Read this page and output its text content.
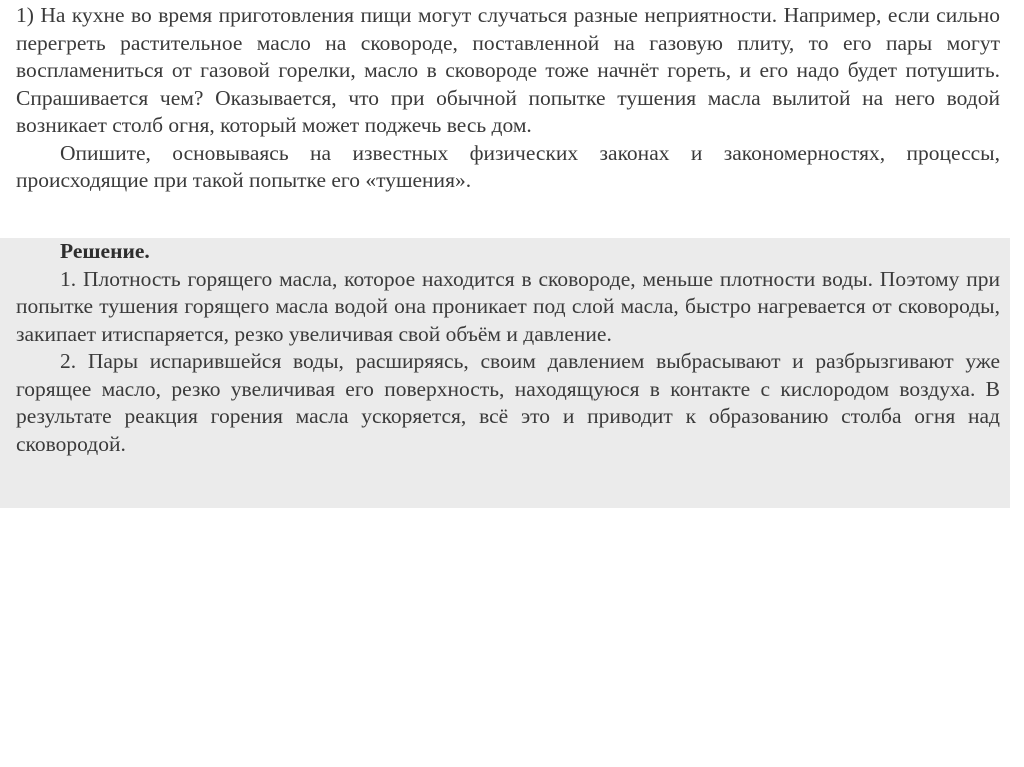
1) На кухне во время приготовления пищи могут случаться разные неприятности. Например, если сильно перегреть растительное масло на сковороде, поставленной на газовую плиту, то его пары могут воспламениться от газовой горелки, масло в сковороде тоже начнёт гореть, и его надо будет потушить. Спрашивается чем? Оказывается, что при обычной попытке тушения масла вылитой на него водой возникает столб огня, который может поджечь весь дом.

Опишите, основываясь на известных физических законах и закономерностях, процессы, происходящие при такой попытке его «тушения».

Решение.

1. Плотность горящего масла, которое находится в сковороде, меньше плотности воды. Поэтому при попытке тушения горящего масла водой она проникает под слой масла, быстро нагревается от сковороды, закипает итиспаряется, резко увеличивая свой объём и давление.

2. Пары испарившейся воды, расширяясь, своим давлением выбрасывают и разбрызгивают уже горящее масло, резко увеличивая его поверхность, находящуюся в контакте с кислородом воздуха. В результате реакция горения масла ускоряется, всё это и приводит к образованию столба огня над сковородой.
